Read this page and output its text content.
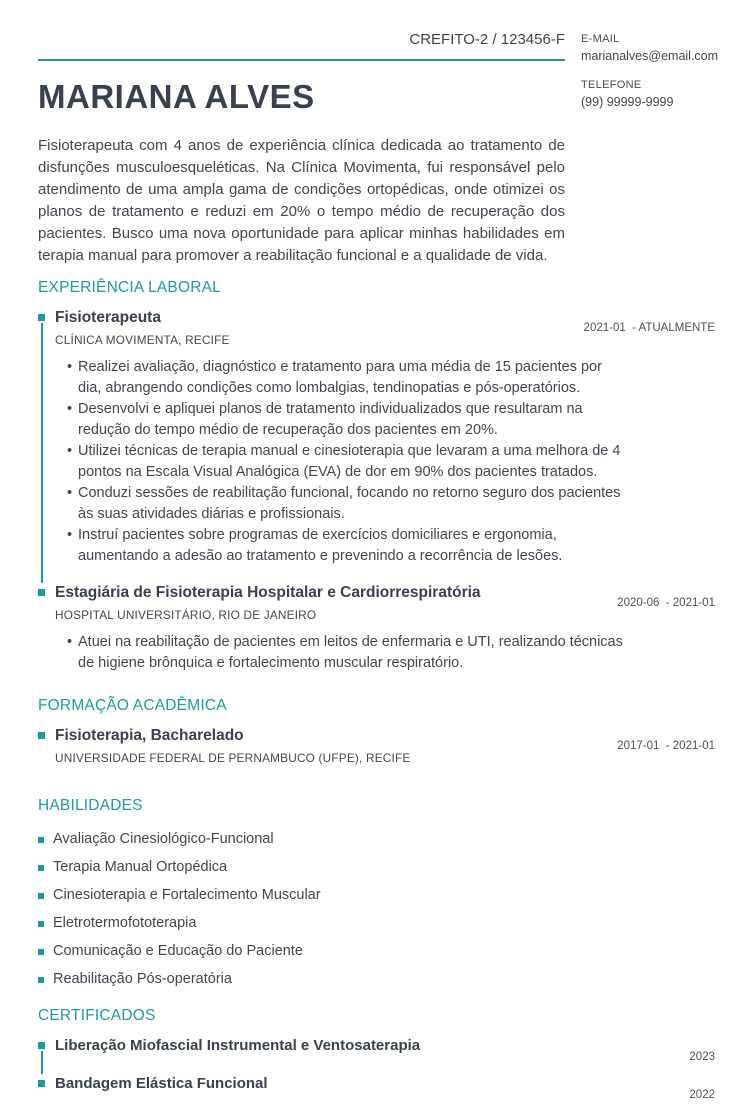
CREFITO-2 / 123456-F
MARIANA ALVES
E-MAIL
marianalves@email.com
TELEFONE
(99) 99999-9999

Fisioterapeuta com 4 anos de experiência clínica dedicada ao tratamento de disfunções musculoesqueléticas. Na Clínica Movimenta, fui responsável pelo atendimento de uma ampla gama de condições ortopédicas, onde otimizei os planos de tratamento e reduzi em 20% o tempo médio de recuperação dos pacientes. Busco uma nova oportunidade para aplicar minhas habilidades em terapia manual para promover a reabilitação funcional e a qualidade de vida.

EXPERIÊNCIA LABORAL
Fisioterapeuta
CLÍNICA MOVIMENTA, RECIFE
2021-01  - ATUALMENTE
• Realizei avaliação, diagnóstico e tratamento para uma média de 15 pacientes por dia, abrangendo condições como lombalgias, tendinopatias e pós-operatórios.
• Desenvolvi e apliquei planos de tratamento individualizados que resultaram na redução do tempo médio de recuperação dos pacientes em 20%.
• Utilizei técnicas de terapia manual e cinesioterapia que levaram a uma melhora de 4 pontos na Escala Visual Analógica (EVA) de dor em 90% dos pacientes tratados.
• Conduzi sessões de reabilitação funcional, focando no retorno seguro dos pacientes às suas atividades diárias e profissionais.
• Instruí pacientes sobre programas de exercícios domiciliares e ergonomia, aumentando a adesão ao tratamento e prevenindo a recorrência de lesões.
Estagiária de Fisioterapia Hospitalar e Cardiorrespiratória
HOSPITAL UNIVERSITÁRIO, RIO DE JANEIRO
2020-06  - 2021-01
• Atuei na reabilitação de pacientes em leitos de enfermaria e UTI, realizando técnicas de higiene brônquica e fortalecimento muscular respiratório.
FORMAÇÃO ACADÊMICA
Fisioterapia, Bacharelado
UNIVERSIDADE FEDERAL DE PERNAMBUCO (UFPE), RECIFE
2017-01  - 2021-01
HABILIDADES
Avaliação Cinesiológico-Funcional
Terapia Manual Ortopédica
Cinesioterapia e Fortalecimento Muscular
Eletrotermofototerapia
Comunicação e Educação do Paciente
Reabilitação Pós-operatória
CERTIFICADOS
Liberação Miofascial Instrumental e Ventosaterapia
2023
Bandagem Elástica Funcional
2022
